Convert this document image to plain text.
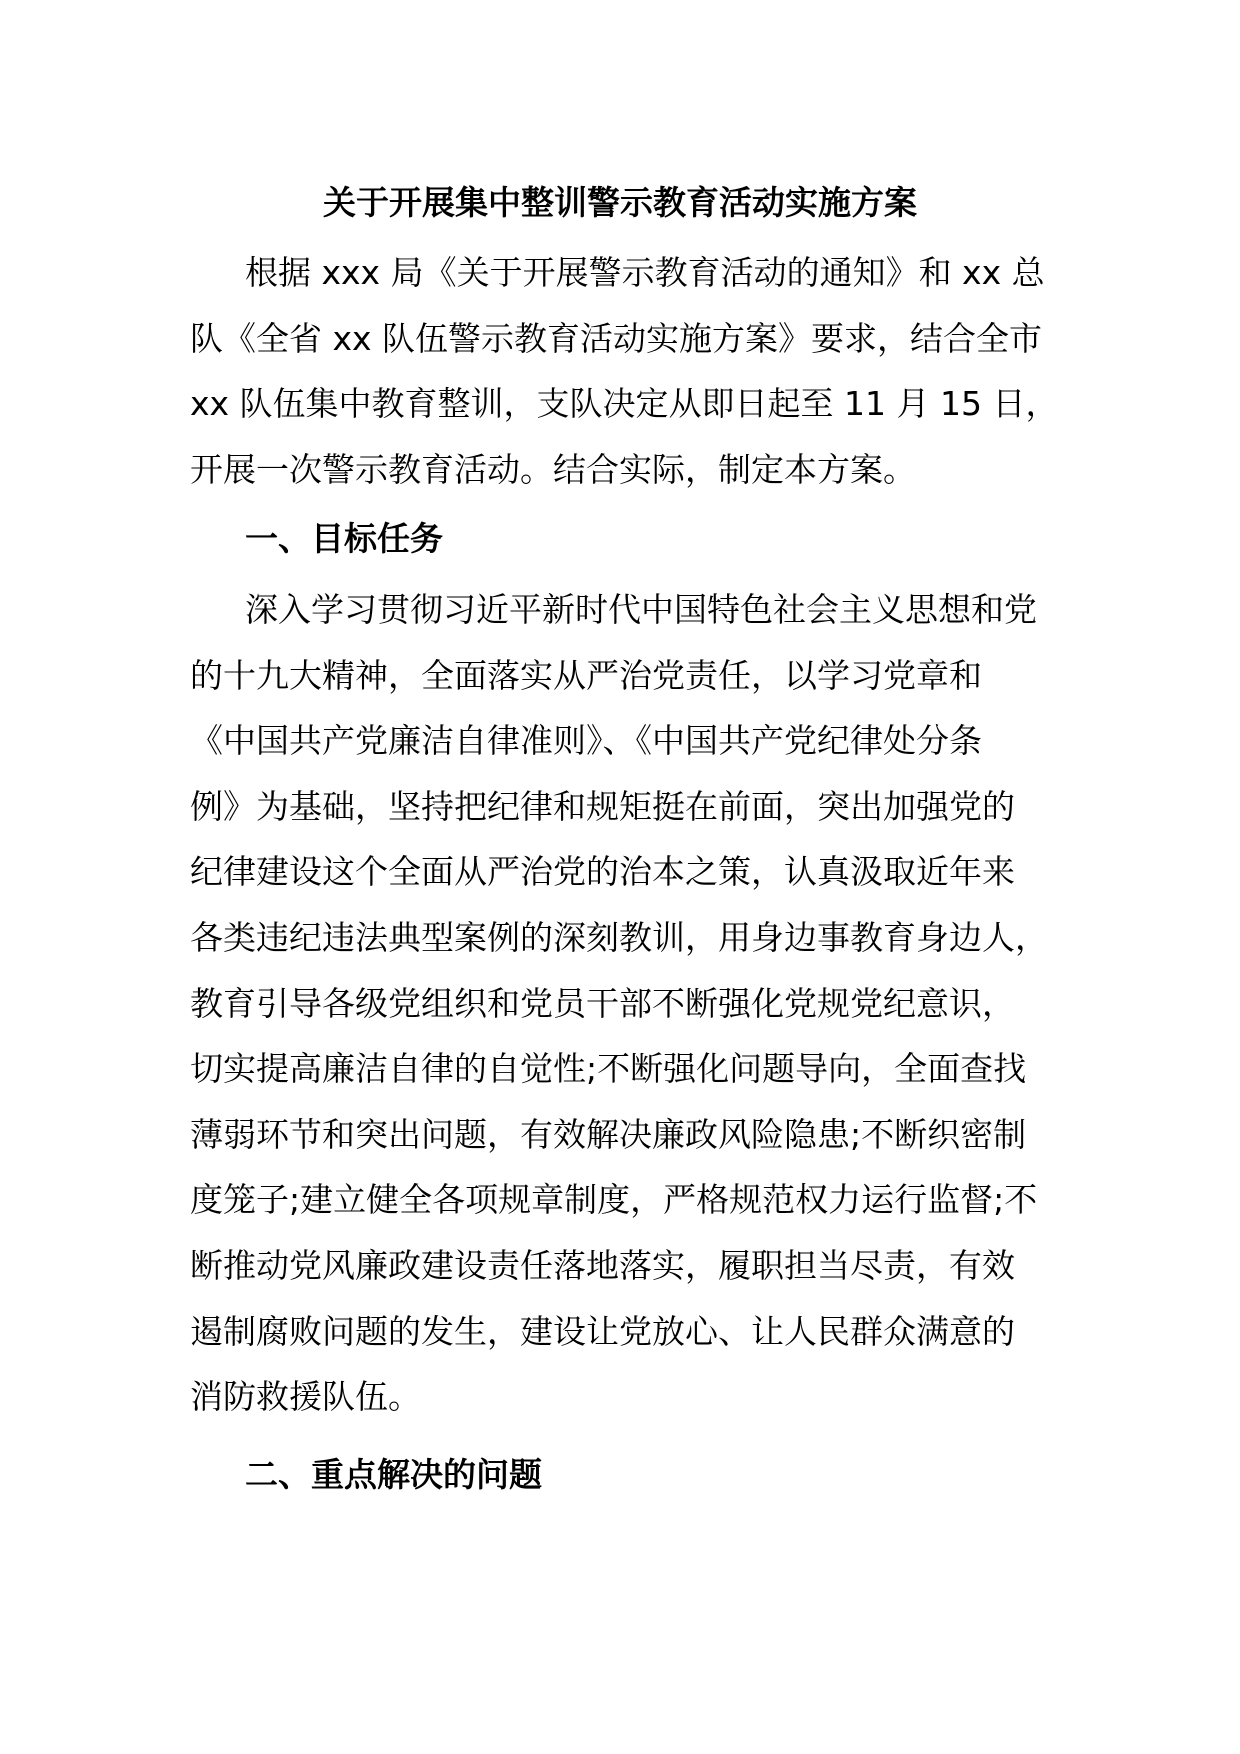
关于开展集中整训警示教育活动实施方案
根据 xxx 局《关于开展警示教育活动的通知》和 xx 总
队《全省 xx 队伍警示教育活动实施方案》要求，结合全市
xx 队伍集中教育整训，支队决定从即日起至 11 月 15 日，
开展一次警示教育活动。结合实际，制定本方案。
一、目标任务
深入学习贯彻习近平新时代中国特色社会主义思想和党
的十九大精神，全面落实从严治党责任，以学习党章和
《中国共产党廉洁自律准则》、《中国共产党纪律处分条
例》为基础，坚持把纪律和规矩挺在前面，突出加强党的
纪律建设这个全面从严治党的治本之策，认真汲取近年来
各类违纪违法典型案例的深刻教训，用身边事教育身边人，
教育引导各级党组织和党员干部不断强化党规党纪意识，
切实提高廉洁自律的自觉性;不断强化问题导向，全面查找
薄弱环节和突出问题，有效解决廉政风险隐患;不断织密制
度笼子;建立健全各项规章制度，严格规范权力运行监督;不
断推动党风廉政建设责任落地落实，履职担当尽责，有效
遏制腐败问题的发生，建设让党放心、让人民群众满意的
消防救援队伍。
二、重点解决的问题
